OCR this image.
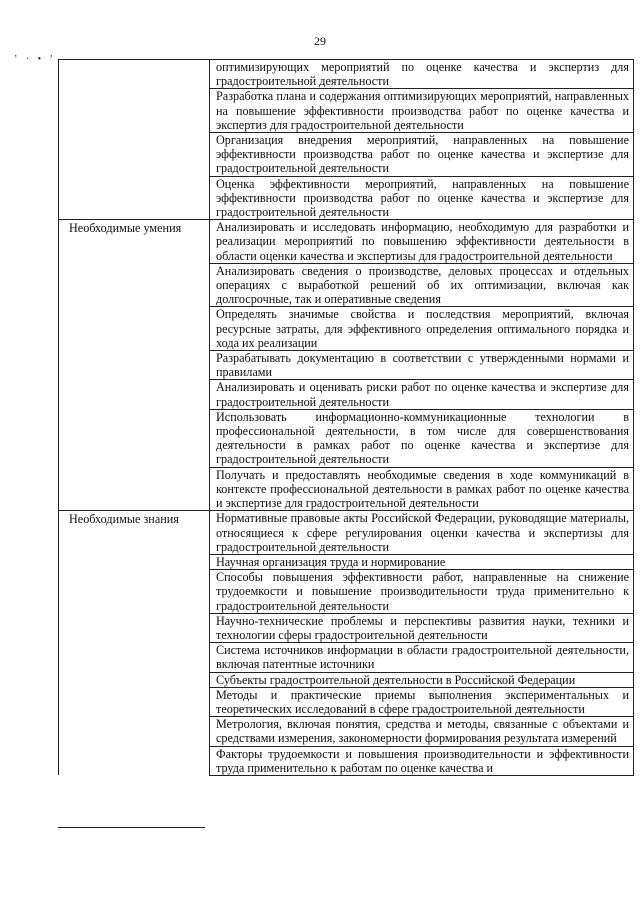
29
ʼ · • ʼ
	оптимизирующих мероприятий по оценке качества и экспертиз для градостроительной деятельности
	Разработка плана и содержания оптимизирующих мероприятий, направленных на повышение эффективности производства работ по оценке качества и экспертиз для градостроительной деятельности
	Организация внедрения мероприятий, направленных на повышение эффективности производства работ по оценке качества и экспертизе для градостроительной деятельности
	Оценка эффективности мероприятий, направленных на повышение эффективности производства работ по оценке качества и экспертизе для градостроительной деятельности
Необходимые умения	Анализировать и исследовать информацию, необходимую для разработки и реализации мероприятий по повышению эффективности деятельности в области оценки качества и экспертизы для градостроительной деятельности
	Анализировать сведения о производстве, деловых процессах и отдельных операциях с выработкой решений об их оптимизации, включая как долгосрочные, так и оперативные сведения
	Определять значимые свойства и последствия мероприятий, включая ресурсные затраты, для эффективного определения оптимального порядка и хода их реализации
	Разрабатывать документацию в соответствии с утвержденными нормами и правилами
	Анализировать и оценивать риски работ по оценке качества и экспертизе для градостроительной деятельности
	Использовать информационно-коммуникационные технологии в профессиональной деятельности, в том числе для совершенствования деятельности в рамках работ по оценке качества и экспертизе для градостроительной деятельности
	Получать и предоставлять необходимые сведения в ходе коммуникаций в контексте профессиональной деятельности в рамках работ по оценке качества и экспертизе для градостроительной деятельности
Необходимые знания	Нормативные правовые акты Российской Федерации, руководящие материалы, относящиеся к сфере регулирования оценки качества и экспертизы для градостроительной деятельности
	Научная организация труда и нормирование
	Способы повышения эффективности работ, направленные на снижение трудоемкости и повышение производительности труда применительно к градостроительной деятельности
	Научно-технические проблемы и перспективы развития науки, техники и технологии сферы градостроительной деятельности
	Система источников информации в области градостроительной деятельности, включая патентные источники
	Субъекты градостроительной деятельности в Российской Федерации
	Методы и практические приемы выполнения экспериментальных и теоретических исследований в сфере градостроительной деятельности
	Метрология, включая понятия, средства и методы, связанные с объектами и средствами измерения, закономерности формирования результата измерений
	Факторы трудоемкости и повышения производительности и эффективности труда применительно к работам по оценке качества и
